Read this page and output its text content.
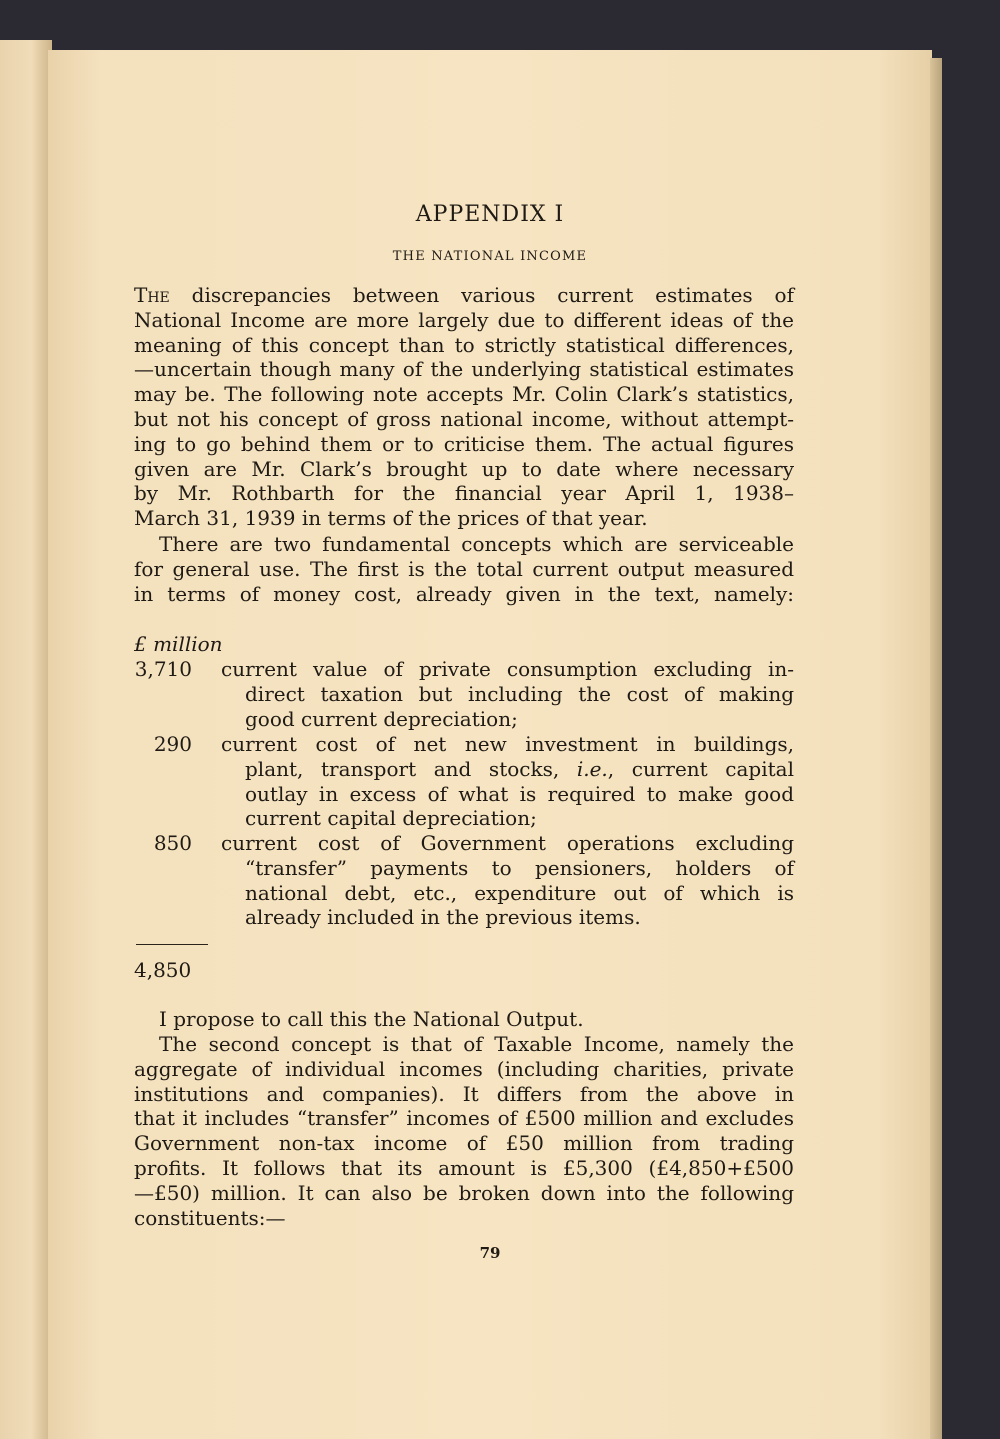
APPENDIX I
THE NATIONAL INCOME
The discrepancies between various current estimates of
National Income are more largely due to different ideas of the
meaning of this concept than to strictly statistical differences,
—uncertain though many of the underlying statistical estimates
may be. The following note accepts Mr. Colin Clark’s statistics,
but not his concept of gross national income, without attempt-
ing to go behind them or to criticise them. The actual figures
given are Mr. Clark’s brought up to date where necessary
by Mr. Rothbarth for the financial year April 1, 1938–
March 31, 1939 in terms of the prices of that year.
There are two fundamental concepts which are serviceable
for general use. The first is the total current output measured
in terms of money cost, already given in the text, namely:
£ million
3,710 current value of private consumption excluding in-
direct taxation but including the cost of making
good current depreciation;
290 current cost of net new investment in buildings,
plant, transport and stocks, i.e., current capital
outlay in excess of what is required to make good
current capital depreciation;
850 current cost of Government operations excluding
“transfer” payments to pensioners, holders of
national debt, etc., expenditure out of which is
already included in the previous items.
4,850
I propose to call this the National Output.
The second concept is that of Taxable Income, namely the
aggregate of individual incomes (including charities, private
institutions and companies). It differs from the above in
that it includes “transfer” incomes of £500 million and excludes
Government non-tax income of £50 million from trading
profits. It follows that its amount is £5,300 (£4,850+£500
—£50) million. It can also be broken down into the following
constituents:—
79
